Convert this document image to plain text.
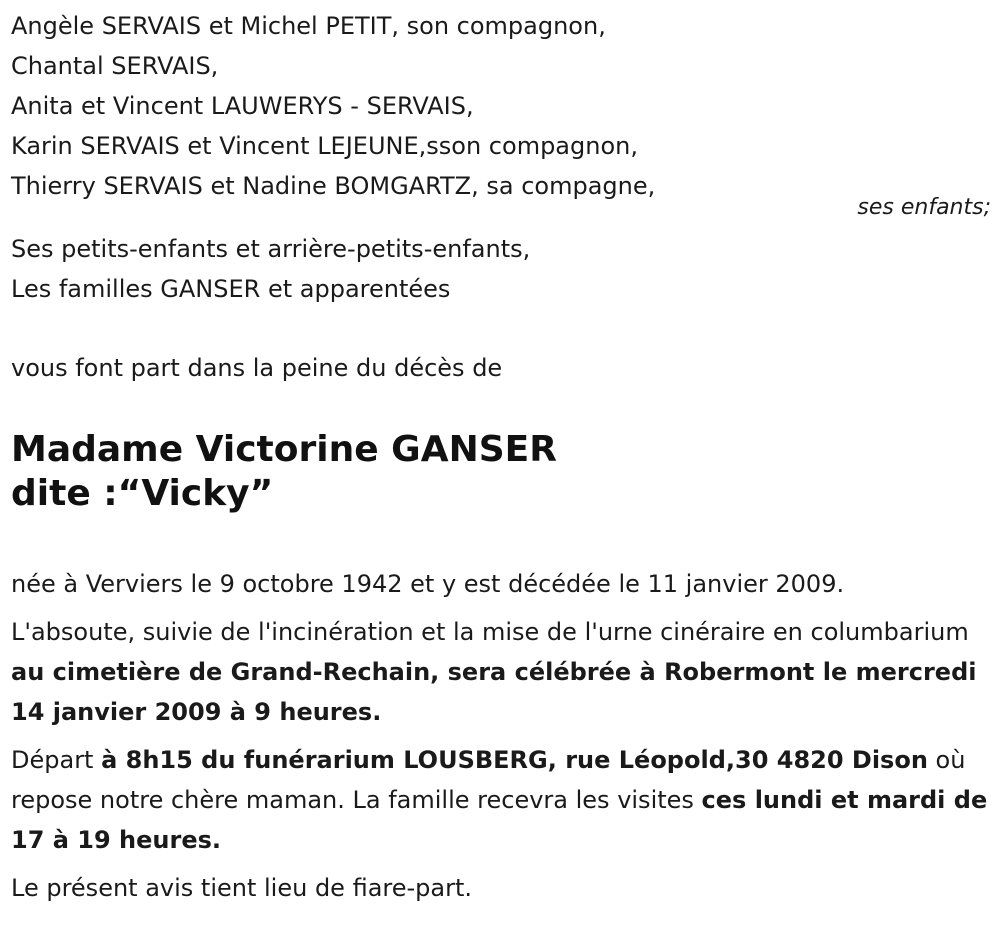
Angèle SERVAIS et Michel PETIT, son compagnon,
Chantal SERVAIS,
Anita et Vincent LAUWERYS - SERVAIS,
Karin SERVAIS et Vincent LEJEUNE,sson compagnon,
Thierry SERVAIS et Nadine BOMGARTZ, sa compagne,
ses enfants;
Ses petits-enfants et arrière-petits-enfants,
Les familles GANSER et apparentées
vous font part dans la peine du décès de
Madame Victorine GANSER
dite :“Vicky”

née à Verviers le 9 octobre 1942 et y est décédée le 11 janvier 2009.

L'absoute, suivie de l'incinération et la mise de l'urne cinéraire en columbarium au cimetière de Grand-Rechain, sera célébrée à Robermont le mercredi 14 janvier 2009 à 9 heures.

Départ à 8h15 du funérarium LOUSBERG, rue Léopold,30 4820 Dison où repose notre chère maman. La famille recevra les visites ces lundi et mardi de 17 à 19 heures.

Le présent avis tient lieu de fiare-part.
